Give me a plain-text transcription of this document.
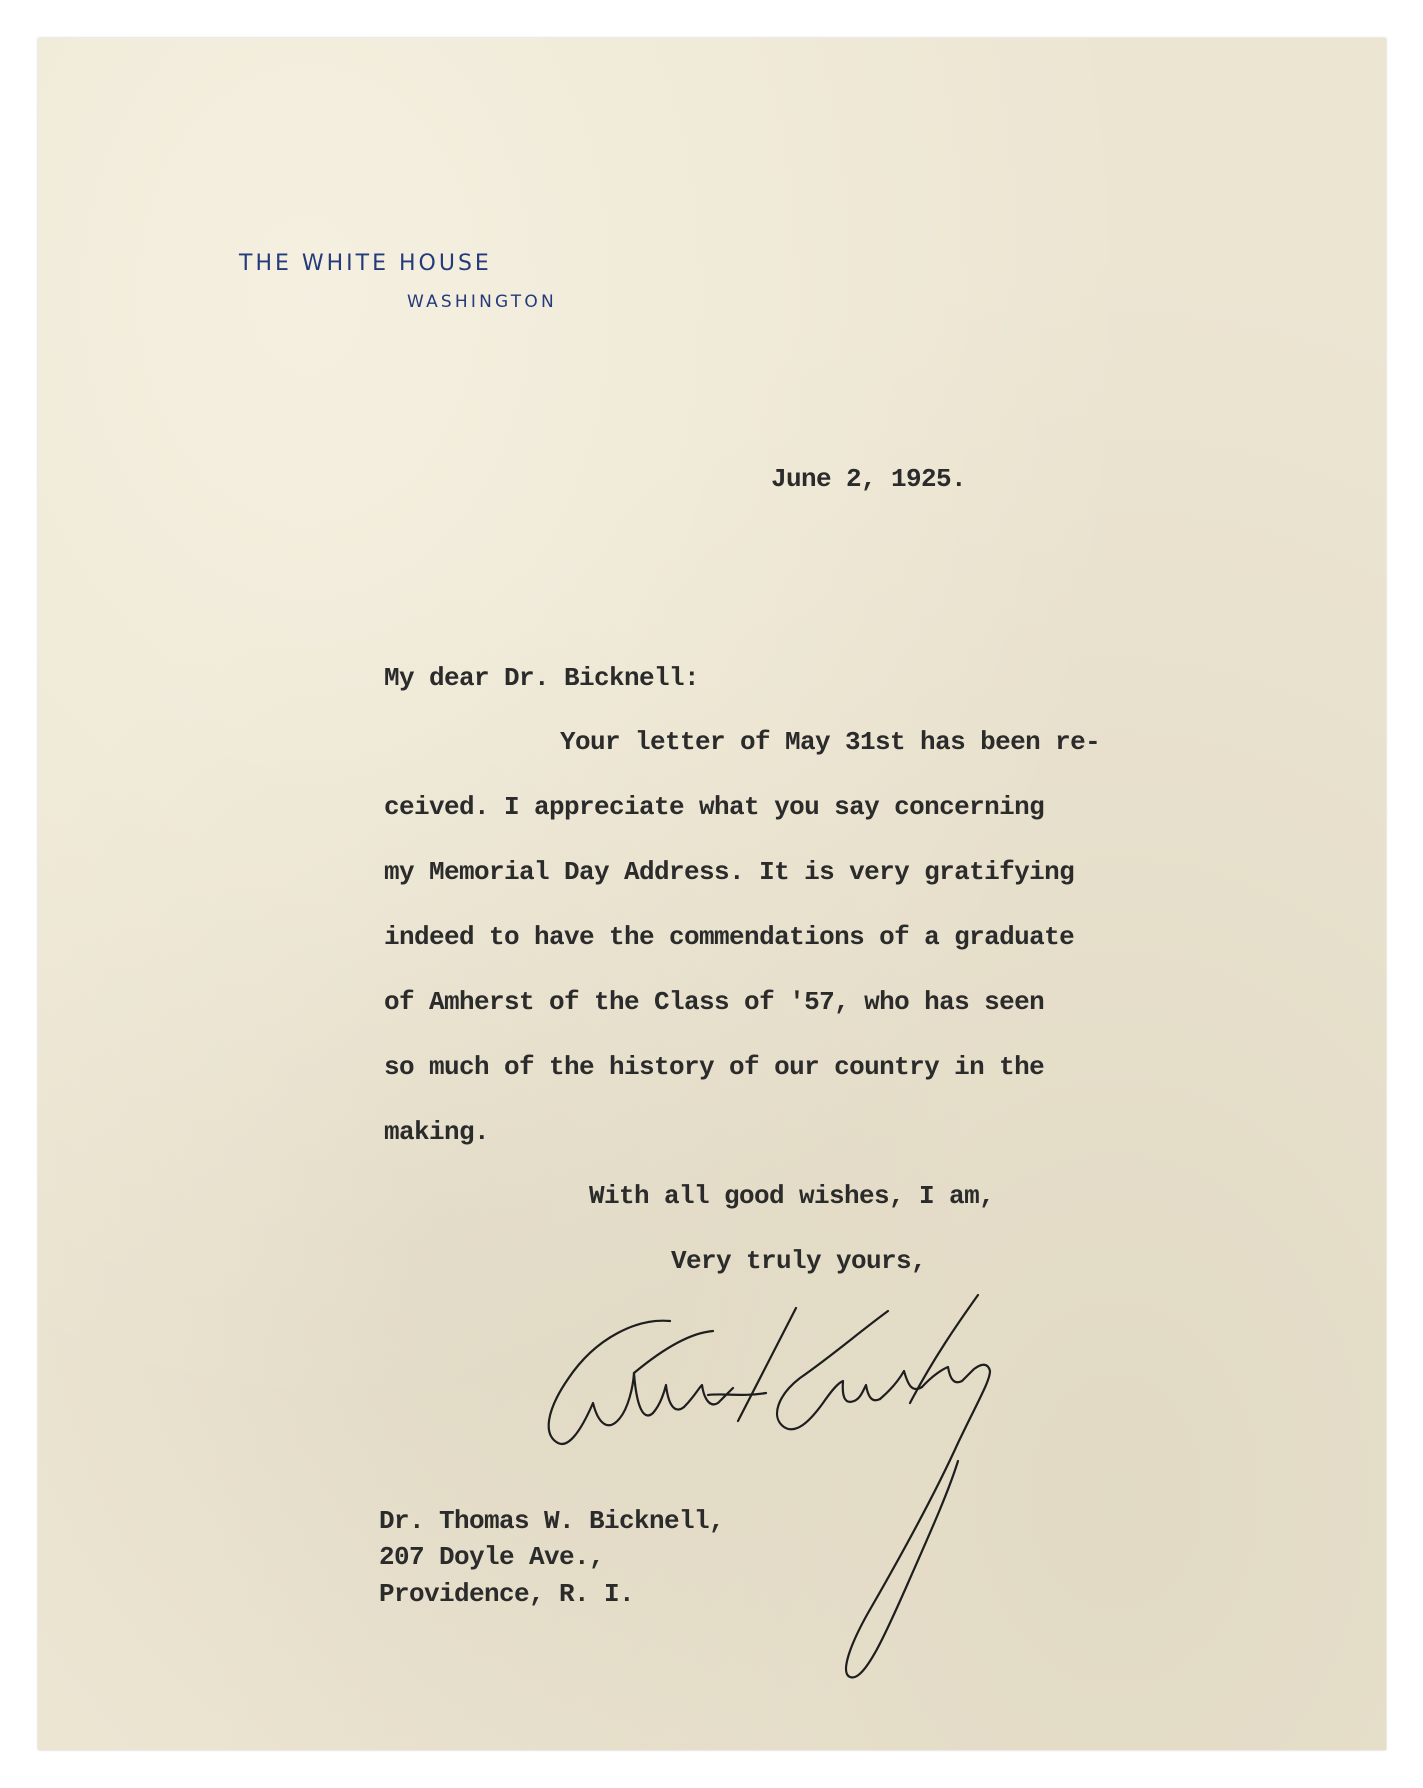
THE WHITE HOUSE
WASHINGTON
June 2, 1925.
My dear Dr. Bicknell:
Your letter of May 31st has been re-
ceived. I appreciate what you say concerning
my Memorial Day Address. It is very gratifying
indeed to have the commendations of a graduate
of Amherst of the Class of '57, who has seen
so much of the history of our country in the
making.
With all good wishes, I am,
Very truly yours,
Dr. Thomas W. Bicknell,
207 Doyle Ave.,
Providence, R. I.
